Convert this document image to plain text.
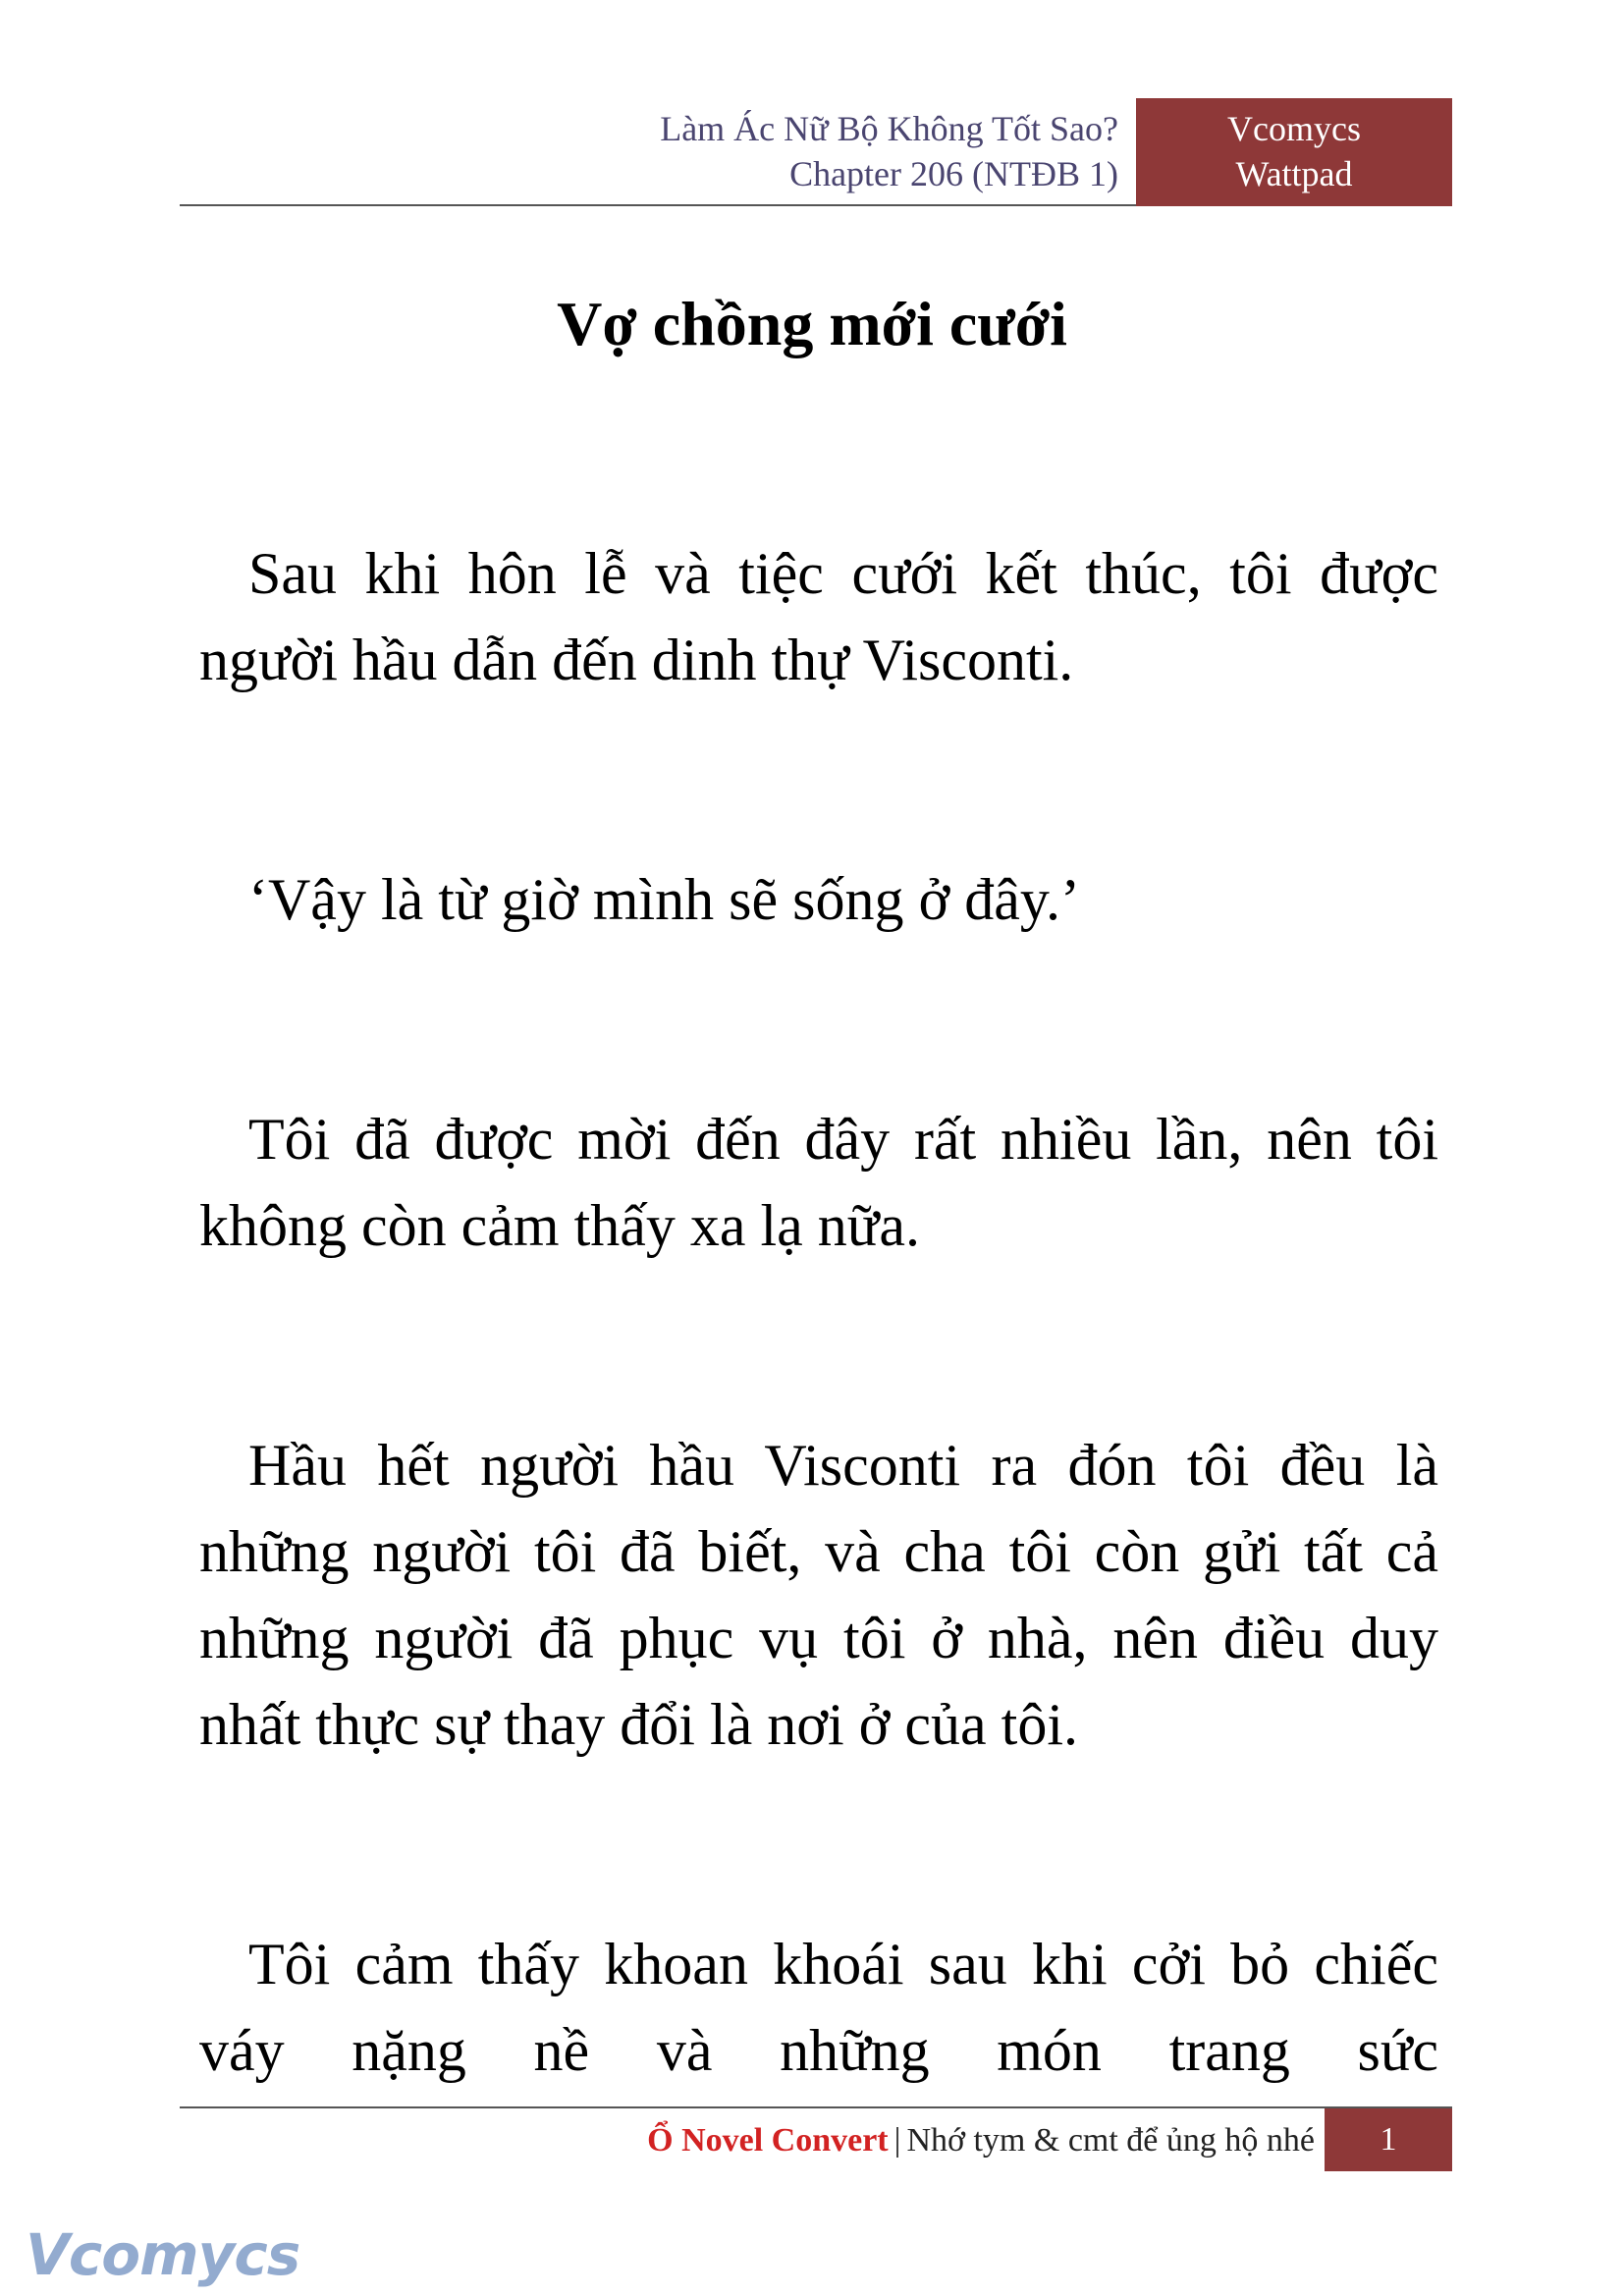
Làm Ác Nữ Bộ Không Tốt Sao?
Chapter 206 (NTĐB 1)
Vcomycs
Wattpad
Vợ chồng mới cưới

Sau khi hôn lễ và tiệc cưới kết thúc, tôi được người hầu dẫn đến dinh thự Visconti.

‘Vậy là từ giờ mình sẽ sống ở đây.’

Tôi đã được mời đến đây rất nhiều lần, nên tôi không còn cảm thấy xa lạ nữa.

Hầu hết người hầu Visconti ra đón tôi đều là những người tôi đã biết, và cha tôi còn gửi tất cả những người đã phục vụ tôi ở nhà, nên điều duy nhất thực sự thay đổi là nơi ở của tôi.

Tôi cảm thấy khoan khoái sau khi cởi bỏ chiếc váy nặng nề và những món trang sức

Ổ Novel Convert | Nhớ tym & cmt để ủng hộ nhé	1
Vcomycs
